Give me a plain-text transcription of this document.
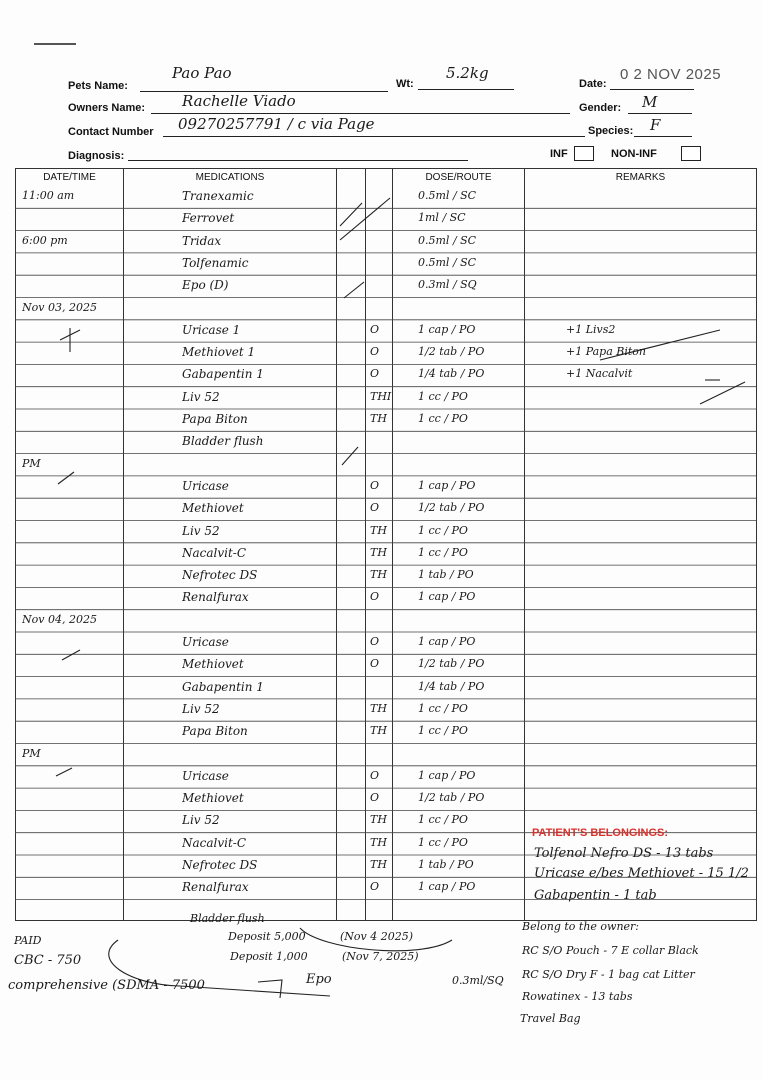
Pets Name:
Pao Pao
Wt:
5.2kg
Date:
0 2 NOV 2025
Owners Name: Rachelle Viado	Gender: M
Contact Number 09270257791 / c via Page	Species: F
Diagnosis:	INF	NON-INF
DATE/TIME	MEDICATIONS	DOSE/ROUTE	REMARKS
11:00 am	Tranexamic	0.5ml / SC
Ferrovet	1ml / SC
6:00 pm	Tridax	0.5ml / SC
Tolfenamic	0.5ml / SC
Epo (D)	0.3ml / SQ
Nov 03, 2025
Uricase 1	O	1 cap / PO	+1 Livs2
Methiovet 1	O	1/2 tab / PO	+1 Papa Biton
Gabapentin 1	O	1/4 tab / PO	+1 Nacalvit
Liv 52	THI 1 cc / PO
Papa Biton	TH	1 cc / PO
Bladder flush
PM
Uricase	O	1 cap / PO
Methiovet	O	1/2 tab / PO
Liv 52	TH	1 cc / PO
Nacalvit-C	TH	1 cc / PO
Nefrotec DS	TH	1 tab / PO
Renalfurax	O	1 cap / PO
Nov 04, 2025
Uricase	O	1 cap / PO
Methiovet	O	1/2 tab / PO
Gabapentin 1	1/4 tab / PO
Liv 52	TH	1 cc / PO
Papa Biton	TH	1 cc / PO
PM
Uricase	O	1 cap / PO
Methiovet	O	1/2 tab / PO
Liv 52	TH	1 cc / PO
Nacalvit-C	TH	1 cc / PO
Nefrotec DS	TH	1 tab / PO
Renalfurax	O	1 cap / PO
PATIENT'S BELONGINGS:
Tolfenol Nefro DS - 13 tabs
Uricase e/bes Methiovet - 15 1/2
Gabapentin - 1 tab
PAID
CBC - 750
comprehensive (SDMA - 7500	Epo
Bladder flush
Deposit 5,000	(Nov 4 2025)
Deposit 1,000	(Nov 7, 2025)
Belong to the owner:
RC S/O Pouch - 7 E collar Black
RC S/O Dry F - 1 bag cat Litter
Rowatinex - 13 tabs
Travel Bag
0.3ml/SQ
